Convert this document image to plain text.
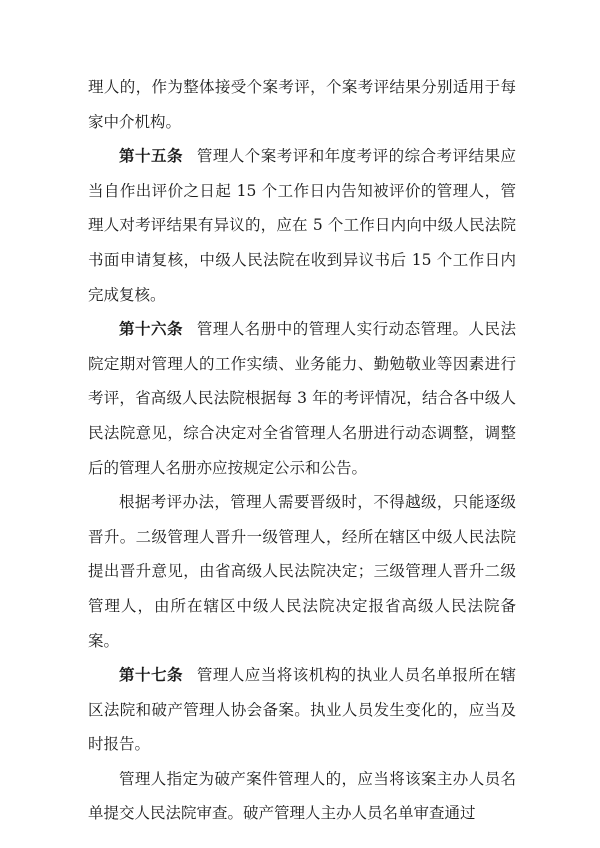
理人的，作为整体接受个案考评，个案考评结果分别适用于每家中介机构。

第十五条 管理人个案考评和年度考评的综合考评结果应当自作出评价之日起 15 个工作日内告知被评价的管理人，管理人对考评结果有异议的，应在 5 个工作日内向中级人民法院书面申请复核，中级人民法院在收到异议书后 15 个工作日内完成复核。

第十六条 管理人名册中的管理人实行动态管理。人民法院定期对管理人的工作实绩、业务能力、勤勉敬业等因素进行考评，省高级人民法院根据每 3 年的考评情况，结合各中级人民法院意见，综合决定对全省管理人名册进行动态调整，调整后的管理人名册亦应按规定公示和公告。

根据考评办法，管理人需要晋级时，不得越级，只能逐级晋升。二级管理人晋升一级管理人，经所在辖区中级人民法院提出晋升意见，由省高级人民法院决定；三级管理人晋升二级管理人，由所在辖区中级人民法院决定报省高级人民法院备案。

第十七条 管理人应当将该机构的执业人员名单报所在辖区法院和破产管理人协会备案。执业人员发生变化的，应当及时报告。

管理人指定为破产案件管理人的，应当将该案主办人员名单提交人民法院审查。破产管理人主办人员名单审查通过
